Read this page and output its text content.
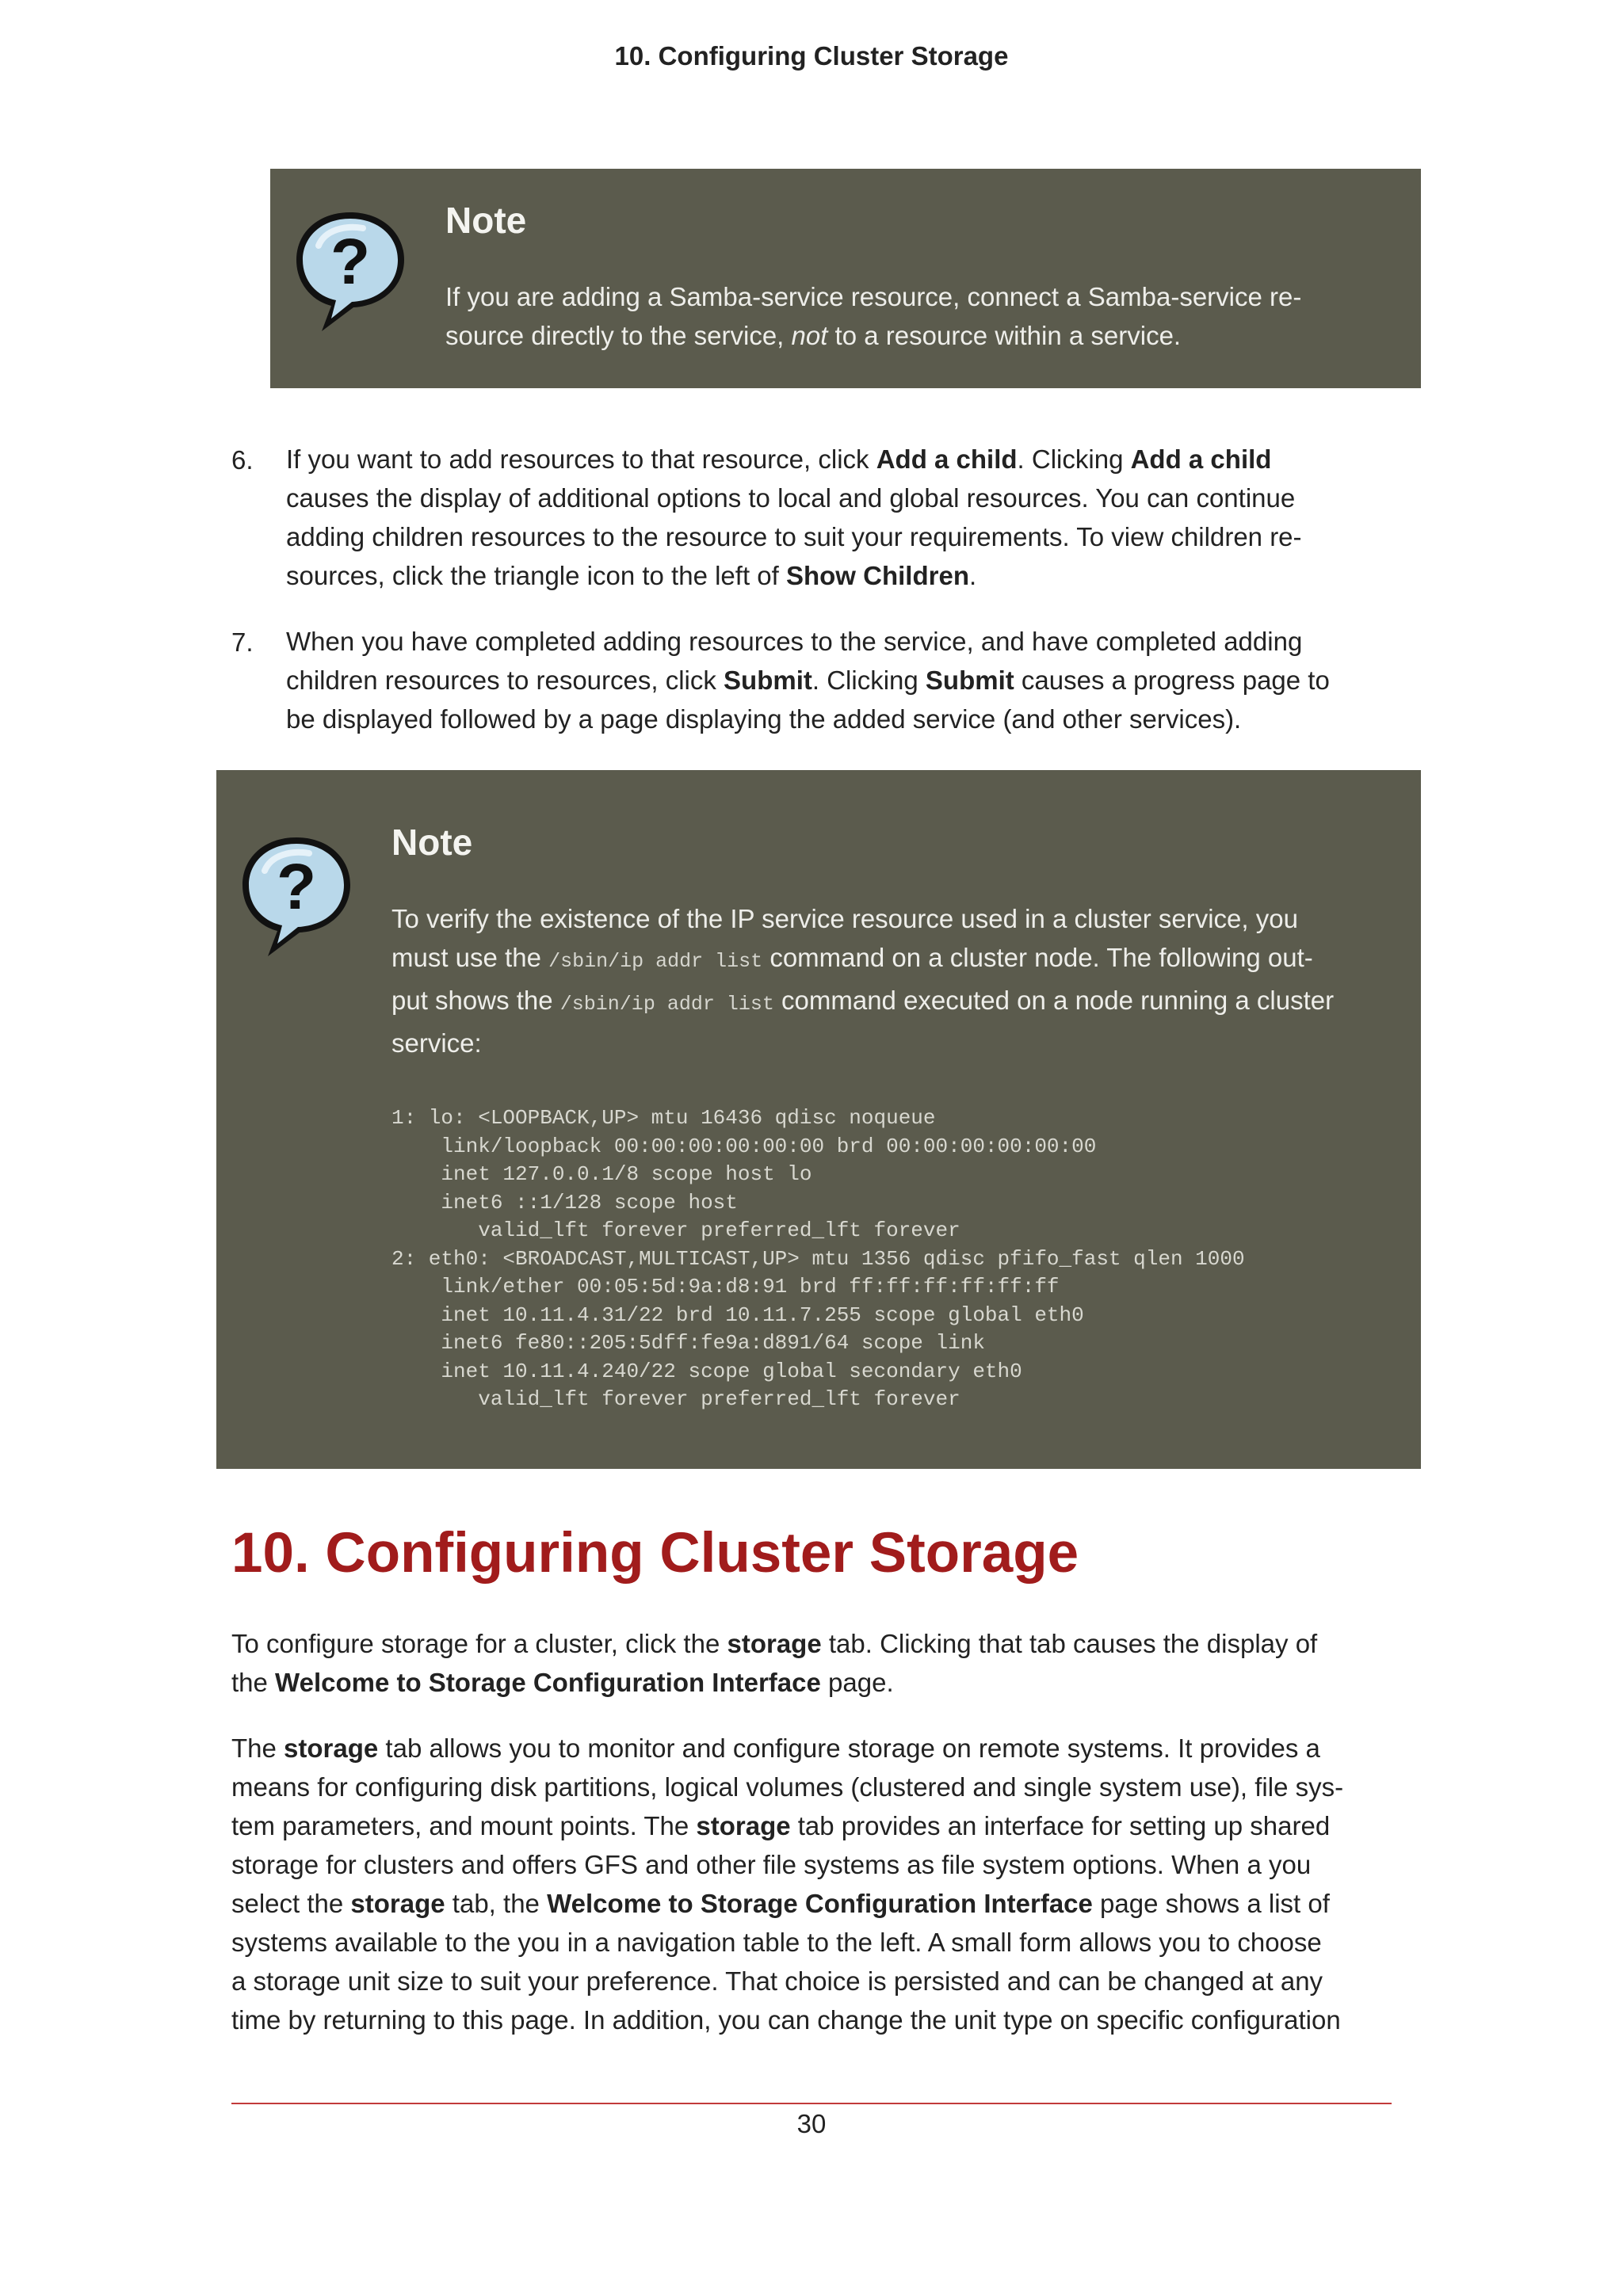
10. Configuring Cluster Storage
?
Note
If you are adding a Samba-service resource, connect a Samba-service re-
source directly to the service, not to a resource within a service.
6. If you want to add resources to that resource, click Add a child. Clicking Add a child
causes the display of additional options to local and global resources. You can continue
adding children resources to the resource to suit your requirements. To view children re-
sources, click the triangle icon to the left of Show Children.
7. When you have completed adding resources to the service, and have completed adding
children resources to resources, click Submit. Clicking Submit causes a progress page to
be displayed followed by a page displaying the added service (and other services).
?
Note
To verify the existence of the IP service resource used in a cluster service, you
must use the /sbin/ip addr list command on a cluster node. The following out-
put shows the /sbin/ip addr list command executed on a node running a cluster
service:
1: lo: <LOOPBACK,UP> mtu 16436 qdisc noqueue
link/loopback 00:00:00:00:00:00 brd 00:00:00:00:00:00
inet 127.0.0.1/8 scope host lo
inet6 ::1/128 scope host
valid_lft forever preferred_lft forever
2: eth0: <BROADCAST,MULTICAST,UP> mtu 1356 qdisc pfifo_fast qlen 1000
link/ether 00:05:5d:9a:d8:91 brd ff:ff:ff:ff:ff:ff
inet 10.11.4.31/22 brd 10.11.7.255 scope global eth0
inet6 fe80::205:5dff:fe9a:d891/64 scope link
inet 10.11.4.240/22 scope global secondary eth0
valid_lft forever preferred_lft forever
10. Configuring Cluster Storage
To configure storage for a cluster, click the storage tab. Clicking that tab causes the display of
the Welcome to Storage Configuration Interface page.
The storage tab allows you to monitor and configure storage on remote systems. It provides a
means for configuring disk partitions, logical volumes (clustered and single system use), file sys-
tem parameters, and mount points. The storage tab provides an interface for setting up shared
storage for clusters and offers GFS and other file systems as file system options. When a you
select the storage tab, the Welcome to Storage Configuration Interface page shows a list of
systems available to the you in a navigation table to the left. A small form allows you to choose
a storage unit size to suit your preference. That choice is persisted and can be changed at any
time by returning to this page. In addition, you can change the unit type on specific configuration
30
